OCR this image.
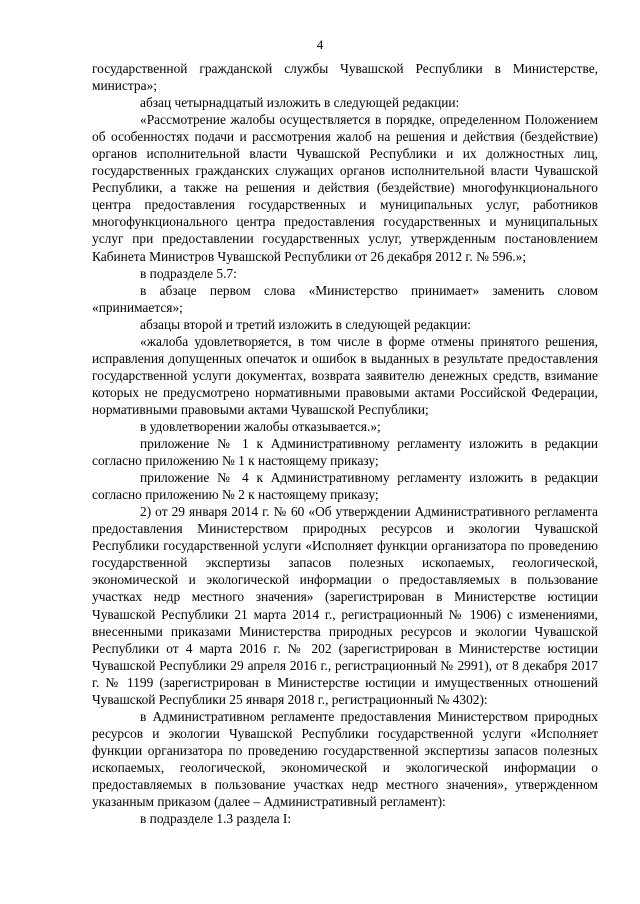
4

государственной гражданской службы Чувашской Республики в Министерстве, министра»;

абзац четырнадцатый изложить в следующей редакции:

«Рассмотрение жалобы осуществляется в порядке, определенном Положением об особенностях подачи и рассмотрения жалоб на решения и действия (бездействие) органов исполнительной власти Чувашской Республики и их должностных лиц, государственных гражданских служащих органов исполнительной власти Чувашской Республики, а также на решения и действия (бездействие) многофункционального центра предоставления государственных и муниципальных услуг, работников многофункционального центра предоставления государственных и муниципальных услуг при предоставлении государственных услуг, утвержденным постановлением Кабинета Министров Чувашской Республики от 26 декабря 2012 г. № 596.»;

в подразделе 5.7:

в абзаце первом слова «Министерство принимает» заменить словом «принимается»;

абзацы второй и третий изложить в следующей редакции:

«жалоба удовлетворяется, в том числе в форме отмены принятого решения, исправления допущенных опечаток и ошибок в выданных в результате предоставления государственной услуги документах, возврата заявителю денежных средств, взимание которых не предусмотрено нормативными правовыми актами Российской Федерации, нормативными правовыми актами Чувашской Республики;

в удовлетворении жалобы отказывается.»;

приложение № 1 к Административному регламенту изложить в редакции согласно приложению № 1 к настоящему приказу;

приложение № 4 к Административному регламенту изложить в редакции согласно приложению № 2 к настоящему приказу;

2) от 29 января 2014 г. № 60 «Об утверждении Административного регламента предоставления Министерством природных ресурсов и экологии Чувашской Республики государственной услуги «Исполняет функции организатора по проведению государственной экспертизы запасов полезных ископаемых, геологической, экономической и экологической информации о предоставляемых в пользование участках недр местного значения» (зарегистрирован в Министерстве юстиции Чувашской Республики 21 марта 2014 г., регистрационный № 1906) с изменениями, внесенными приказами Министерства природных ресурсов и экологии Чувашской Республики от 4 марта 2016 г. № 202 (зарегистрирован в Министерстве юстиции Чувашской Республики 29 апреля 2016 г., регистрационный № 2991), от 8 декабря 2017 г. № 1199 (зарегистрирован в Министерстве юстиции и имущественных отношений Чувашской Республики 25 января 2018 г., регистрационный № 4302):

в Административном регламенте предоставления Министерством природных ресурсов и экологии Чувашской Республики государственной услуги «Исполняет функции организатора по проведению государственной экспертизы запасов полезных ископаемых, геологической, экономической и экологической информации о предоставляемых в пользование участках недр местного значения», утвержденном указанным приказом (далее – Административный регламент):

в подразделе 1.3 раздела I:
